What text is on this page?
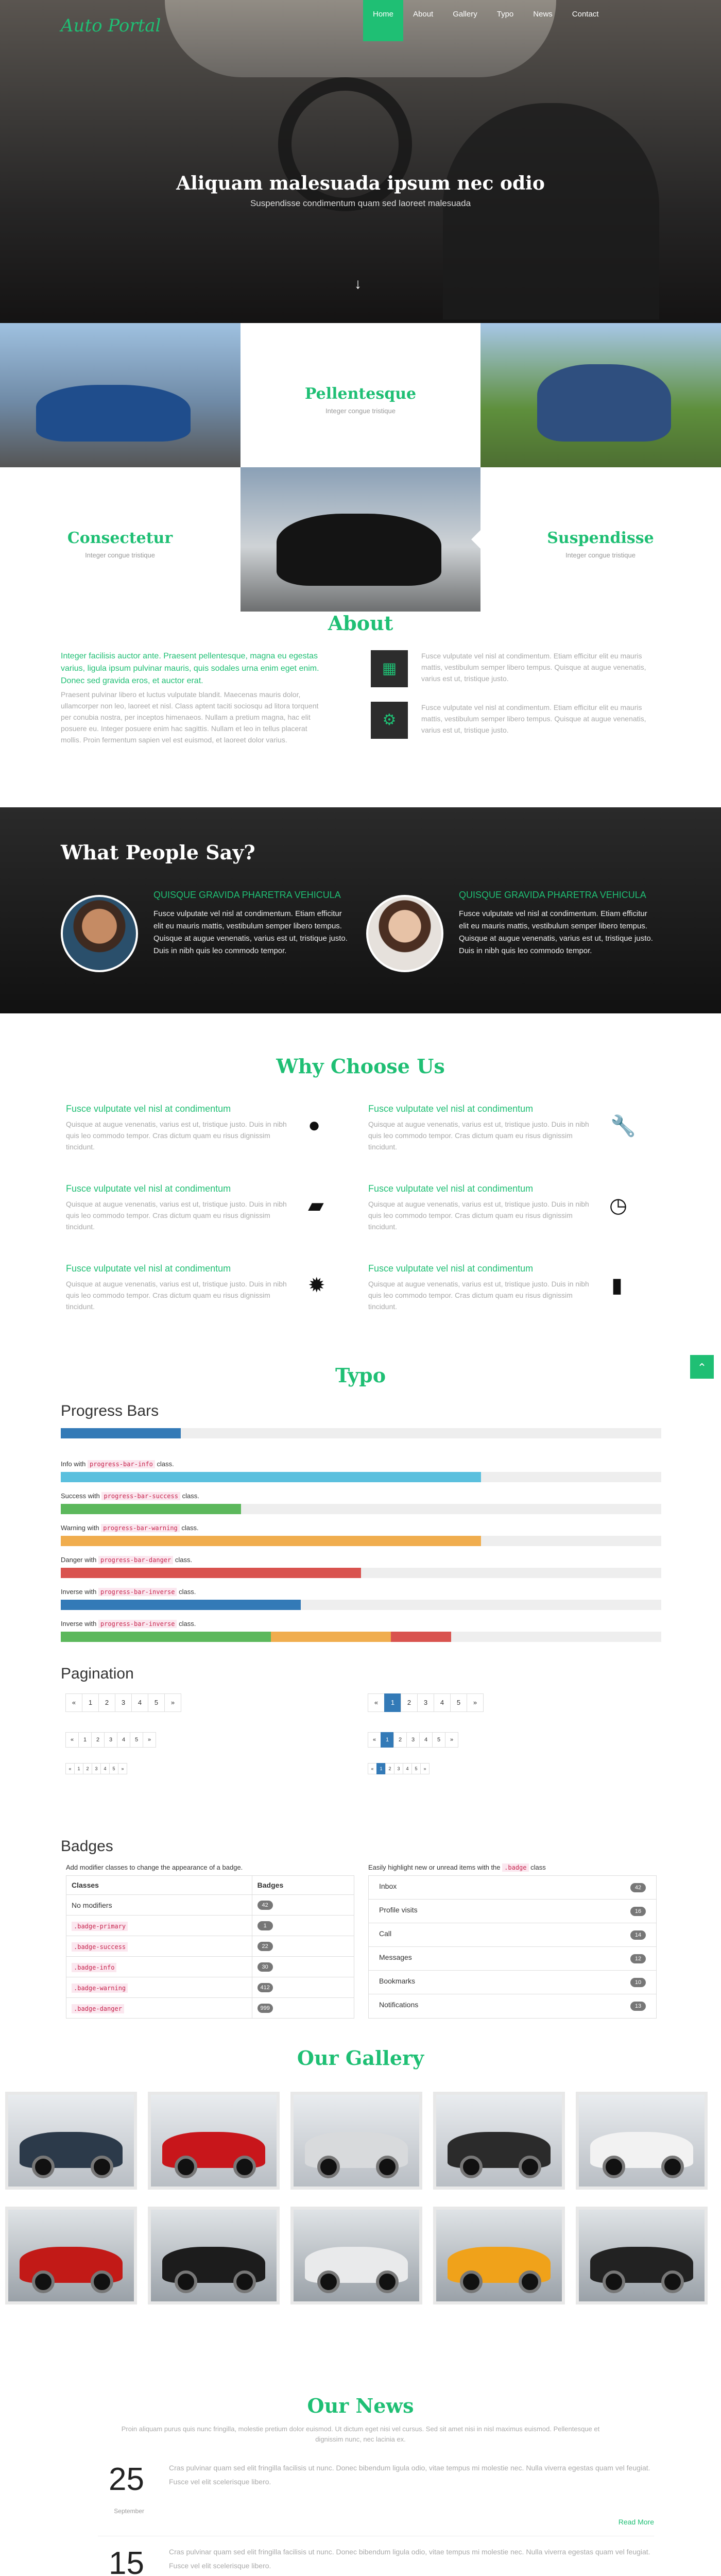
Auto Portal
Home	About	Gallery	Typo	News	Contact
Aliquam malesuada ipsum nec odio
Suspendisse condimentum quam sed laoreet malesuada
↓
Pellentesque

Integer congue tristique

Consectetur

Integer congue tristique

Suspendisse

Integer congue tristique

About
Integer facilisis auctor ante. Praesent pellentesque, magna eu egestas varius, ligula ipsum pulvinar mauris, quis sodales urna enim eget enim. Donec sed gravida eros, et auctor erat.
Praesent pulvinar libero et luctus vulputate blandit. Maecenas mauris dolor, ullamcorper non leo, laoreet et nisl. Class aptent taciti sociosqu ad litora torquent per conubia nostra, per inceptos himenaeos. Nullam a pretium magna, hac elit posuere eu. Integer posuere enim hac sagittis. Nullam et leo in tellus placerat mollis. Proin fermentum sapien vel est euismod, et laoreet dolor varius.
▦

Fusce vulputate vel nisl at condimentum. Etiam efficitur elit eu mauris mattis, vestibulum semper libero tempus. Quisque at augue venenatis, varius est ut, tristique justo.

⚙

Fusce vulputate vel nisl at condimentum. Etiam efficitur elit eu mauris mattis, vestibulum semper libero tempus. Quisque at augue venenatis, varius est ut, tristique justo.

What People Say?
QUISQUE GRAVIDA PHARETRA VEHICULA

Fusce vulputate vel nisl at condimentum. Etiam efficitur elit eu mauris mattis, vestibulum semper libero tempus. Quisque at augue venenatis, varius est ut, tristique justo. Duis in nibh quis leo commodo tempor.

QUISQUE GRAVIDA PHARETRA VEHICULA

Fusce vulputate vel nisl at condimentum. Etiam efficitur elit eu mauris mattis, vestibulum semper libero tempus. Quisque at augue venenatis, varius est ut, tristique justo. Duis in nibh quis leo commodo tempor.

Why Choose Us
Fusce vulputate vel nisl at condimentum

Quisque at augue venenatis, varius est ut, tristique justo. Duis in nibh quis leo commodo tempor. Cras dictum quam eu risus dignissim tincidunt.

●
Fusce vulputate vel nisl at condimentum

Quisque at augue venenatis, varius est ut, tristique justo. Duis in nibh quis leo commodo tempor. Cras dictum quam eu risus dignissim tincidunt.

🔧
Fusce vulputate vel nisl at condimentum

Quisque at augue venenatis, varius est ut, tristique justo. Duis in nibh quis leo commodo tempor. Cras dictum quam eu risus dignissim tincidunt.

▰
Fusce vulputate vel nisl at condimentum

Quisque at augue venenatis, varius est ut, tristique justo. Duis in nibh quis leo commodo tempor. Cras dictum quam eu risus dignissim tincidunt.

◷
Fusce vulputate vel nisl at condimentum

Quisque at augue venenatis, varius est ut, tristique justo. Duis in nibh quis leo commodo tempor. Cras dictum quam eu risus dignissim tincidunt.

✹
Fusce vulputate vel nisl at condimentum

Quisque at augue venenatis, varius est ut, tristique justo. Duis in nibh quis leo commodo tempor. Cras dictum quam eu risus dignissim tincidunt.

▮
Typo
Progress Bars
Info with progress-bar-info class.
Success with progress-bar-success class.
Warning with progress-bar-warning class.
Danger with progress-bar-danger class.
Inverse with progress-bar-inverse class.
Inverse with progress-bar-inverse class.
Pagination
«	1	2	3	4	5	»	«	1	2	3	4	5	»
«	1	2	3	4	5	»	«	1	2	3	4	5	»
«	1	2	3	4	5	»	«	1	2	3	4	5	»
Badges

Add modifier classes to change the appearance of a badge.

Classes	Badges
No modifiers	42
.badge-primary	1
.badge-success	22
.badge-info	30
.badge-warning	412
.badge-danger	999

Easily highlight new or unread items with the .badge class

Inbox	42
Profile visits	16
Call	14
Messages	12
Bookmarks	10
Notifications	13
Our Gallery
Our News

Proin aliquam purus quis nunc fringilla, molestie pretium dolor euismod. Ut dictum eget nisi vel cursus. Sed sit amet nisi in nisl maximus euismod. Pellentesque et dignissim nunc, nec lacinia ex.

25
September
Cras pulvinar quam sed elit fringilla facilisis ut nunc. Donec bibendum ligula odio, vitae tempus mi molestie nec. Nulla viverra egestas quam vel feugiat. Fusce vel elit scelerisque libero.
Read More
15	Cras pulvinar quam sed elit fringilla facilisis ut nunc. Donec bibendum ligula odio, vitae tempus mi molestie nec. Nulla viverra egestas quam vel feugiat. Fusce vel elit scelerisque libero.
⌃
